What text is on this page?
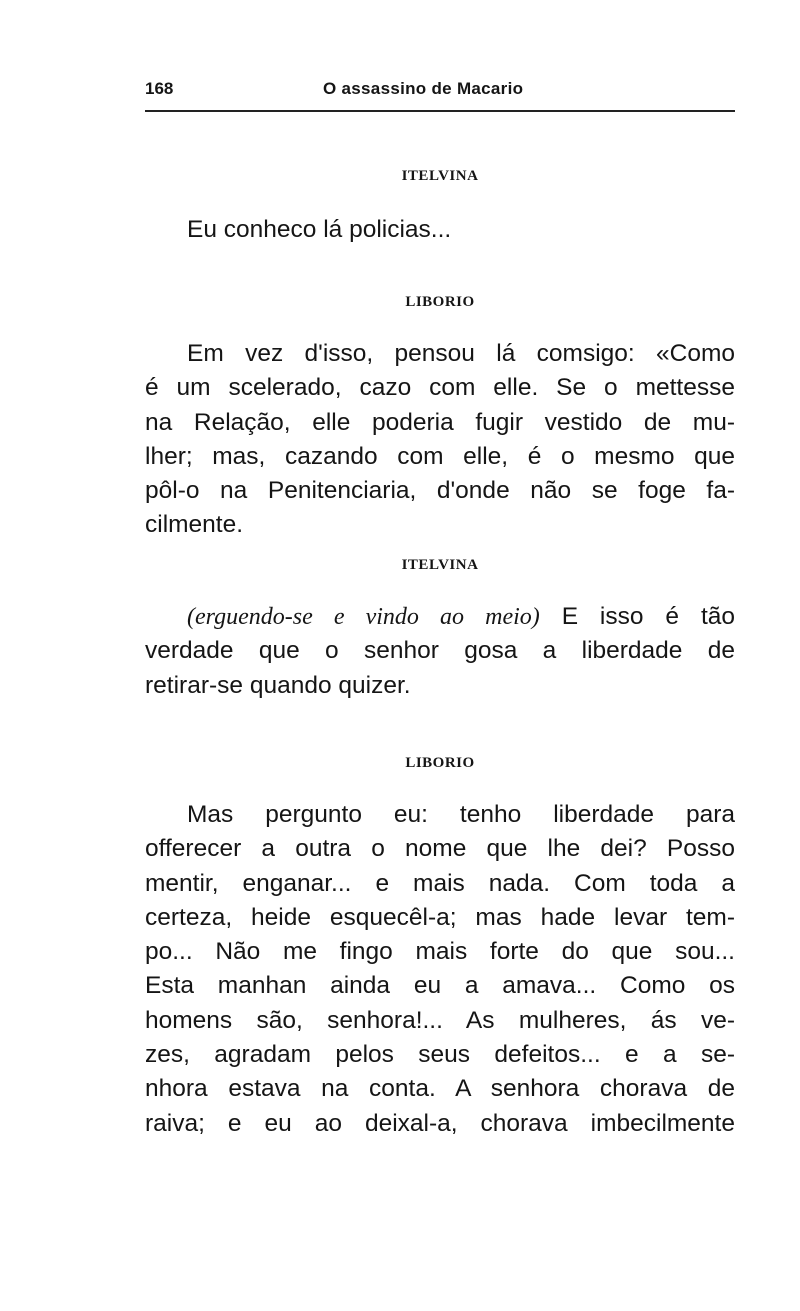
168	O assassino de Macario
ITELVINA
Eu conheco lá policias...
LIBORIO
Em vez d'isso, pensou lá comsigo: «Como
é um scelerado, cazo com elle. Se o mettesse
na Relação, elle poderia fugir vestido de mu-
lher; mas, cazando com elle, é o mesmo que
pôl-o na Penitenciaria, d'onde não se foge fa-
cilmente.
ITELVINA
(erguendo-se e vindo ao meio) E isso é tão
verdade que o senhor gosa a liberdade de
retirar-se quando quizer.
LIBORIO
Mas pergunto eu: tenho liberdade para
offerecer a outra o nome que lhe dei? Posso
mentir, enganar... e mais nada. Com toda a
certeza, heide esquecêl-a; mas hade levar tem-
po... Não me fingo mais forte do que sou...
Esta manhan ainda eu a amava... Como os
homens são, senhora!... As mulheres, ás ve-
zes, agradam pelos seus defeitos... e a se-
nhora estava na conta. A senhora chorava de
raiva; e eu ao deixal-a, chorava imbecilmente
